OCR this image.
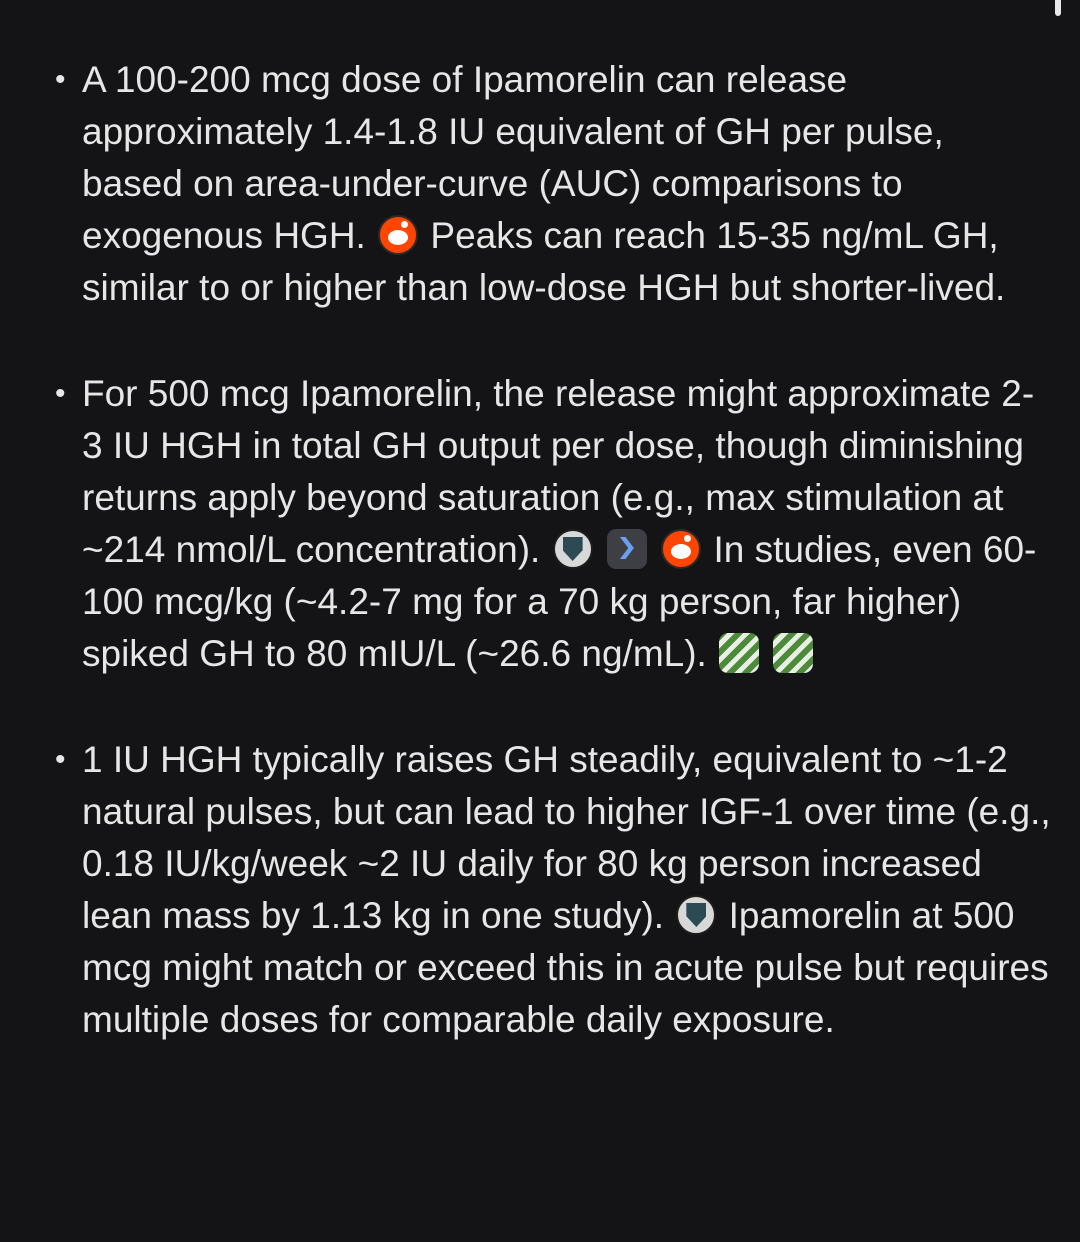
• A 100-200 mcg dose of Ipamorelin can release approximately 1.4-1.8 IU equivalent of GH per pulse, based on area-under-curve (AUC) comparisons to exogenous HGH.  Peaks can reach 15-35 ng/mL GH, similar to or higher than low-dose HGH but shorter-lived.
• For 500 mcg Ipamorelin, the release might approximate 2-3 IU HGH in total GH output per dose, though diminishing returns apply beyond saturation (e.g., max stimulation at ~214 nmol/L concentration).	In studies, even 60-100 mcg/kg (~4.2-7 mg for a 70 kg person, far higher) spiked GH to 80 mIU/L (~26.6 ng/mL).
• 1 IU HGH typically raises GH steadily, equivalent to ~1-2 natural pulses, but can lead to higher IGF-1 over time (e.g., 0.18 IU/kg/week ~2 IU daily for 80 kg person increased lean mass by 1.13 kg in one study).  Ipamorelin at 500 mcg might match or exceed this in acute pulse but requires multiple doses for comparable daily exposure.
